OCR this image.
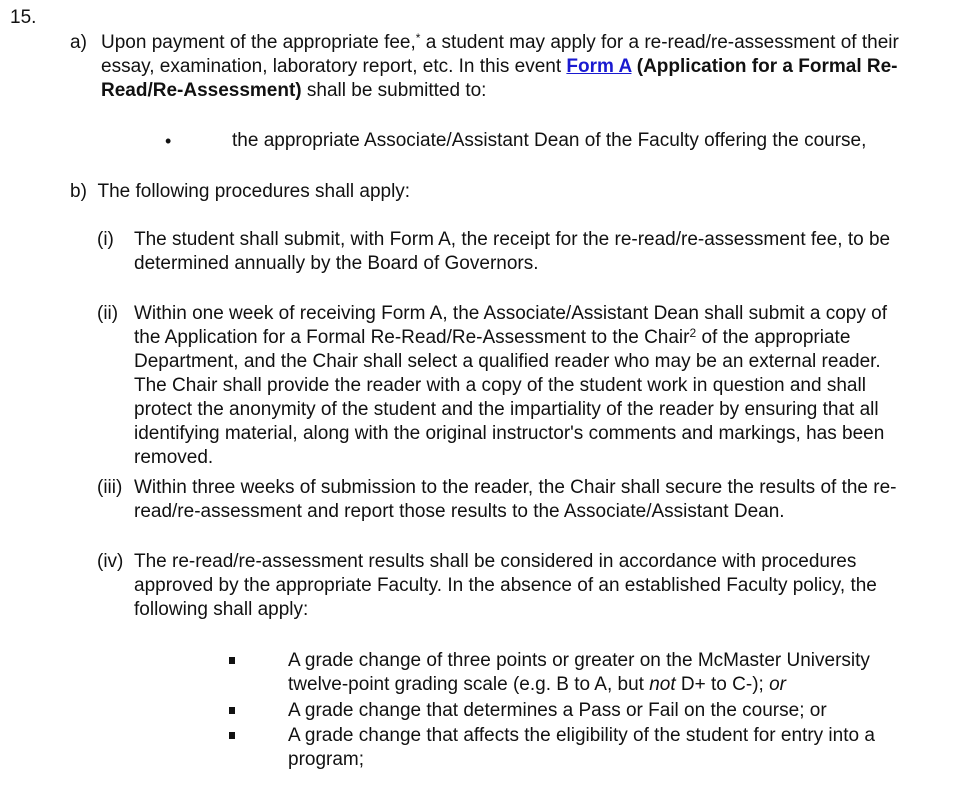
15.
a) Upon payment of the appropriate fee,* a student may apply for a re-read/re-assessment of their essay, examination, laboratory report, etc. In this event Form A (Application for a Formal Re-Read/Re-Assessment) shall be submitted to:
•	the appropriate Associate/Assistant Dean of the Faculty offering the course,
b) The following procedures shall apply:
(i) The student shall submit, with Form A, the receipt for the re-read/re-assessment fee, to be determined annually by the Board of Governors.
(ii) Within one week of receiving Form A, the Associate/Assistant Dean shall submit a copy of the Application for a Formal Re-Read/Re-Assessment to the Chair$^2$ of the appropriate Department, and the Chair shall select a qualified reader who may be an external reader. The Chair shall provide the reader with a copy of the student work in question and shall protect the anonymity of the student and the impartiality of the reader by ensuring that all identifying material, along with the original instructor's comments and markings, has been removed.
(iii) Within three weeks of submission to the reader, the Chair shall secure the results of the re-read/re-assessment and report those results to the Associate/Assistant Dean.
(iv) The re-read/re-assessment results shall be considered in accordance with procedures approved by the appropriate Faculty. In the absence of an established Faculty policy, the following shall apply:
A grade change of three points or greater on the McMaster University twelve-point grading scale (e.g. B to A, but not D+ to C-); or
A grade change that determines a Pass or Fail on the course; or
A grade change that affects the eligibility of the student for entry into a program;
